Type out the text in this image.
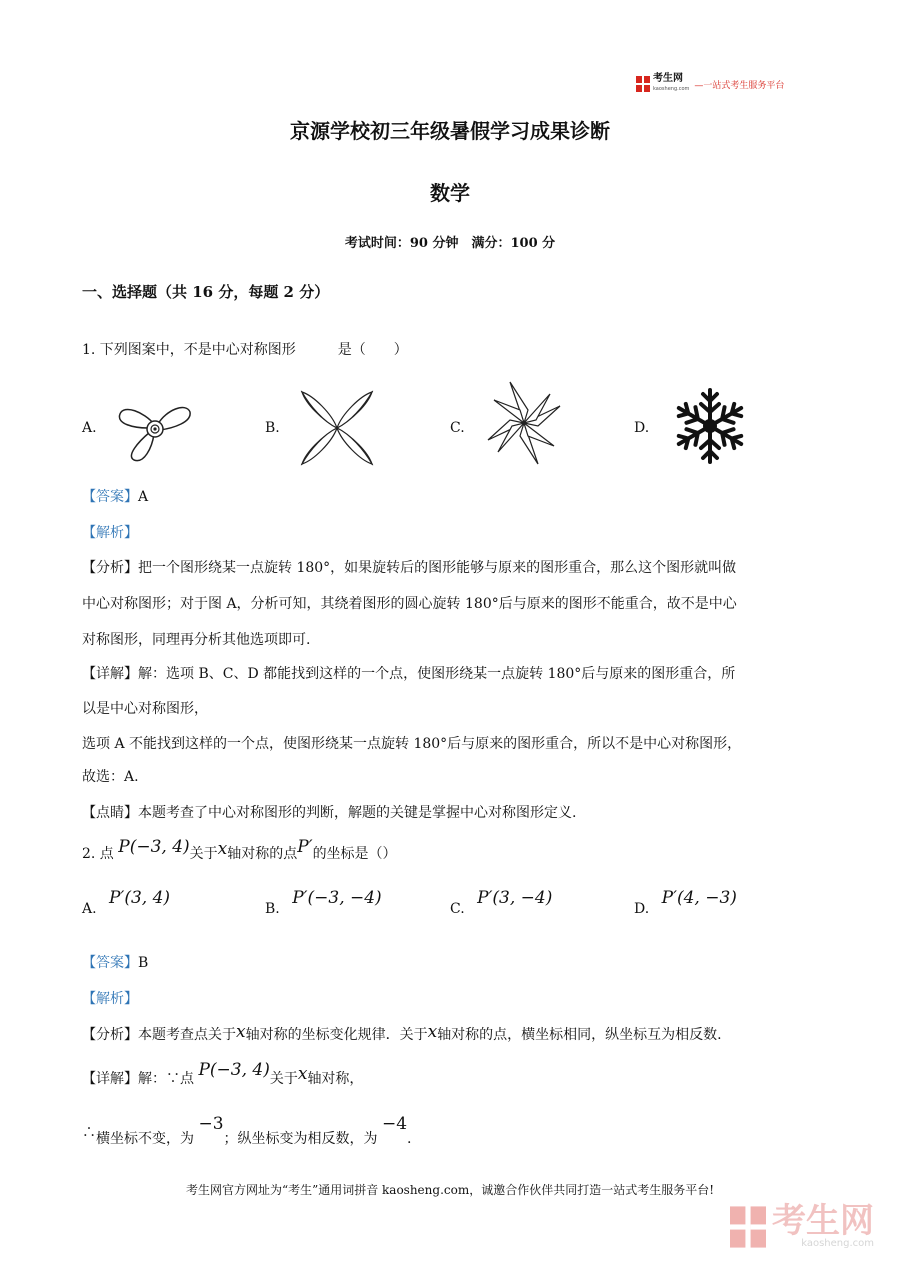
考生网
kaosheng.com —一站式考生服务平台
京源学校初三年级暑假学习成果诊断
数学
考试时间：90 分钟　满分：100 分
一、选择题（共 16 分，每题 2 分）
1. 下列图案中，不是中心对称图形　　　是（　　）
A.	B.	C.	D.
【答案】A
【解析】
【分析】把一个图形绕某一点旋转 180°，如果旋转后的图形能够与原来的图形重合，那么这个图形就叫做
中心对称图形；对于图 A，分析可知，其绕着图形的圆心旋转 180°后与原来的图形不能重合，故不是中心
对称图形，同理再分析其他选项即可.
【详解】解：选项 B、C、D 都能找到这样的一个点，使图形绕某一点旋转 180°后与原来的图形重合，所
以是中心对称图形，
选项 A 不能找到这样的一个点，使图形绕某一点旋转 180°后与原来的图形重合，所以不是中心对称图形，
故选：A.
【点睛】本题考查了中心对称图形的判断，解题的关键是掌握中心对称图形定义.
2. 点 P(−3, 4)关于x轴对称的点P′的坐标是（）
A. P′(3, 4)
B. P′(−3, −4)
C. P′(3, −4)
D. P′(4, −3)
【答案】B
【解析】
【分析】本题考查点关于x轴对称的坐标变化规律．关于x轴对称的点，横坐标相同，纵坐标互为相反数.
【详解】解：∵点 P(−3, 4)关于x轴对称，
∴横坐标不变，为 −3；纵坐标变为相反数，为 −4.
考生网官方网址为“考生”通用词拼音 kaosheng.com，诚邀合作伙伴共同打造一站式考生服务平台!
考生网
kaosheng.com
